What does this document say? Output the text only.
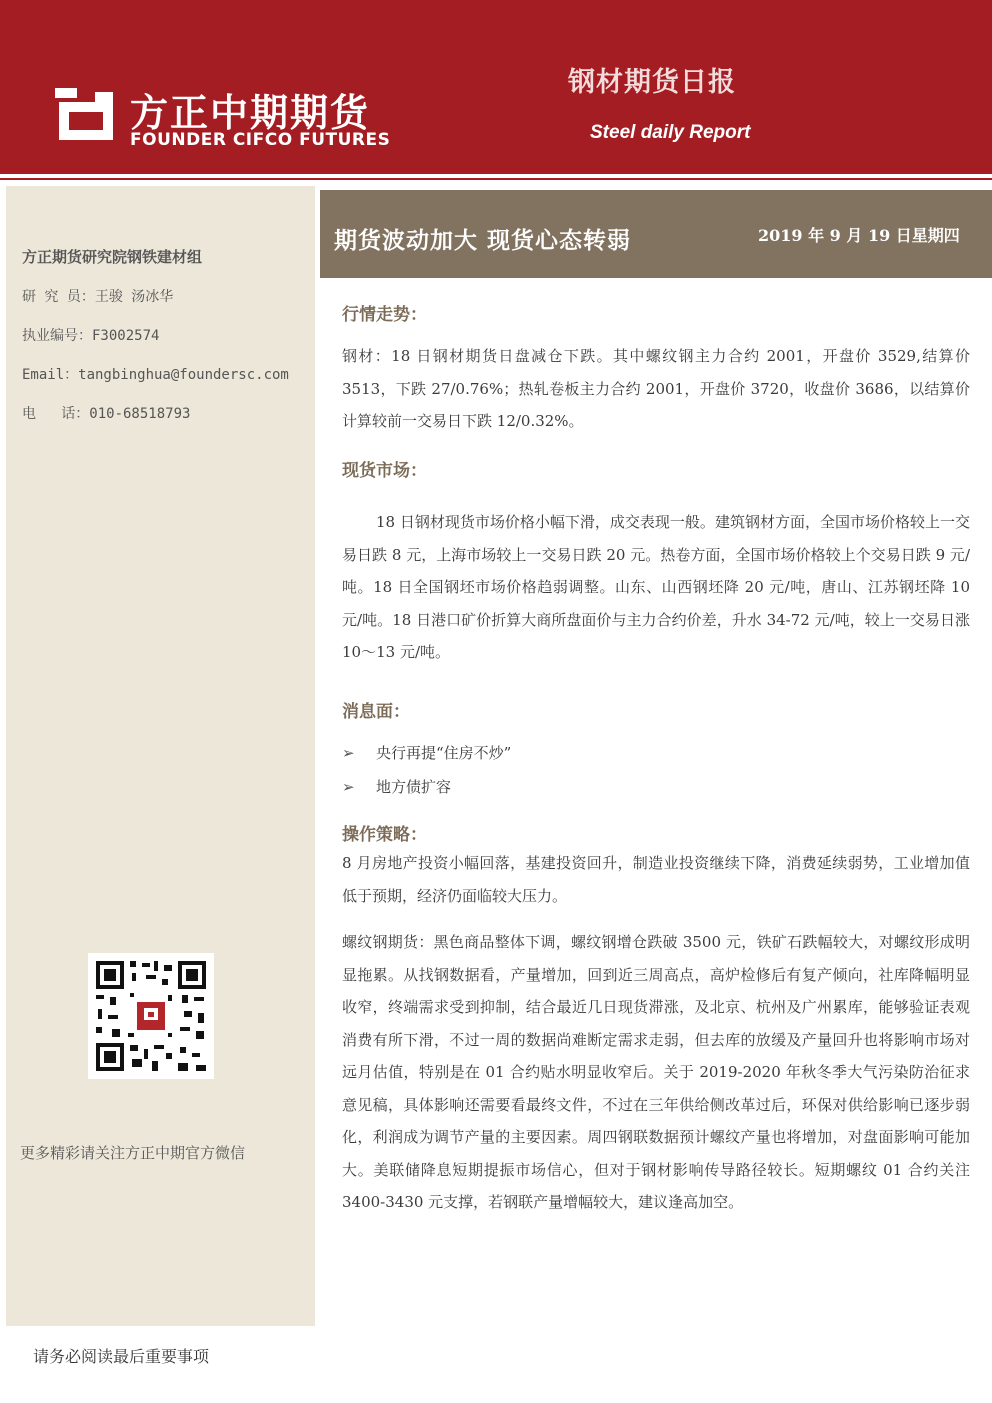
方正中期期货
FOUNDER CIFCO FUTURES
钢材期货日报
Steel daily Report
方正期货研究院钢铁建材组
研 究 员：王骏 汤冰华
执业编号：F3002574
Email：tangbinghua@foundersc.com
电   话：010-68518793
更多精彩请关注方正中期官方微信
请务必阅读最后重要事项
期货波动加大 现货心态转弱	2019 年 9 月 19 日星期四
行情走势：
钢材：18 日钢材期货日盘减仓下跌。其中螺纹钢主力合约 2001，开盘价 3529,结算价 3513，下跌 27/0.76%；热轧卷板主力合约 2001，开盘价 3720，收盘价 3686，以结算价计算较前一交易日下跌 12/0.32%。
现货市场：
18 日钢材现货市场价格小幅下滑，成交表现一般。建筑钢材方面，全国市场价格较上一交易日跌 8 元，上海市场较上一交易日跌 20 元。热卷方面，全国市场价格较上个交易日跌 9 元/吨。18 日全国钢坯市场价格趋弱调整。山东、山西钢坯降 20 元/吨，唐山、江苏钢坯降 10 元/吨。18 日港口矿价折算大商所盘面价与主力合约价差，升水 34-72 元/吨，较上一交易日涨 10～13 元/吨。
消息面：
➢ 央行再提“住房不炒”
➢ 地方债扩容
操作策略：
8 月房地产投资小幅回落，基建投资回升，制造业投资继续下降，消费延续弱势，工业增加值低于预期，经济仍面临较大压力。
螺纹钢期货：黑色商品整体下调，螺纹钢增仓跌破 3500 元，铁矿石跌幅较大，对螺纹形成明显拖累。从找钢数据看，产量增加，回到近三周高点，高炉检修后有复产倾向，社库降幅明显收窄，终端需求受到抑制，结合最近几日现货滞涨，及北京、杭州及广州累库，能够验证表观消费有所下滑，不过一周的数据尚难断定需求走弱，但去库的放缓及产量回升也将影响市场对远月估值，特别是在 01 合约贴水明显收窄后。关于 2019-2020 年秋冬季大气污染防治征求意见稿，具体影响还需要看最终文件，不过在三年供给侧改革过后，环保对供给影响已逐步弱化，利润成为调节产量的主要因素。周四钢联数据预计螺纹产量也将增加，对盘面影响可能加大。美联储降息短期提振市场信心，但对于钢材影响传导路径较长。短期螺纹 01 合约关注 3400-3430 元支撑，若钢联产量增幅较大，建议逢高加空。
